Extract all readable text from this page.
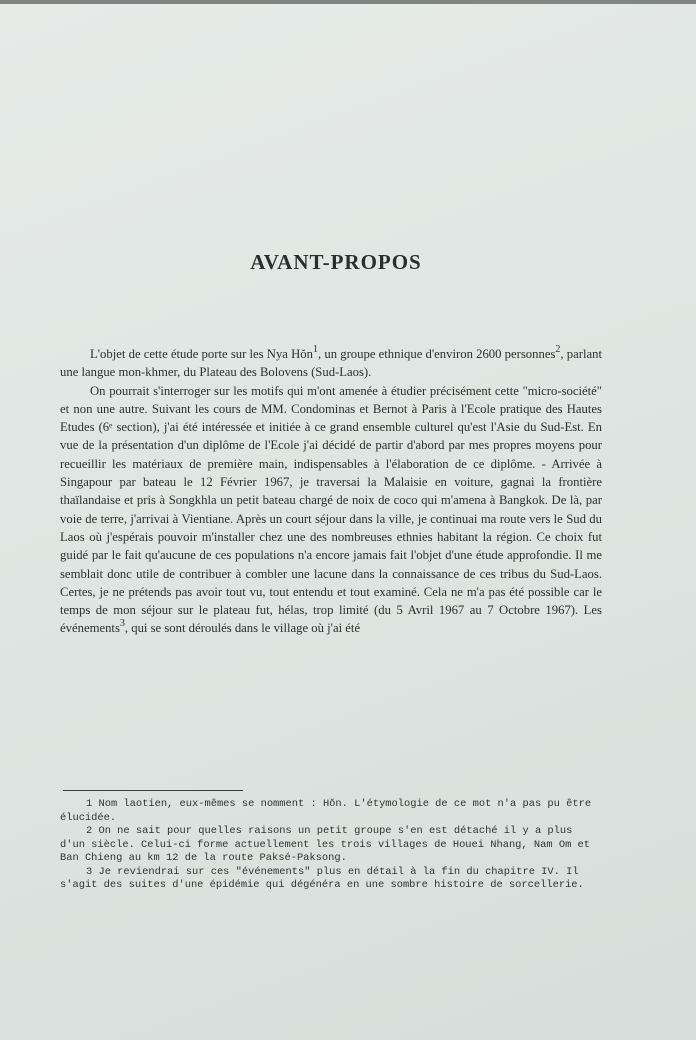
AVANT-PROPOS

L'objet de cette étude porte sur les Nya Hŏn$^1$, un groupe ethnique d'environ 2600 personnes$^2$, parlant une langue mon-khmer, du Plateau des Bolovens (Sud-Laos).

On pourrait s'interroger sur les motifs qui m'ont amenée à étudier précisément cette "micro-société" et non une autre. Suivant les cours de MM. Condominas et Bernot à Paris à l'Ecole pratique des Hautes Etudes (6ᵉ section), j'ai été intéressée et initiée à ce grand ensemble culturel qu'est l'Asie du Sud-Est. En vue de la présentation d'un diplôme de l'Ecole j'ai décidé de partir d'abord par mes propres moyens pour recueillir les matériaux de première main, indispensables à l'élaboration de ce diplôme. - Arrivée à Singapour par bateau le 12 Février 1967, je traversai la Malaisie en voiture, gagnai la frontière thaïlandaise et pris à Songkhla un petit bateau chargé de noix de coco qui m'amena à Bangkok. De là, par voie de terre, j'arrivai à Vientiane. Après un court séjour dans la ville, je continuai ma route vers le Sud du Laos où j'espérais pouvoir m'installer chez une des nombreuses ethnies habitant la région. Ce choix fut guidé par le fait qu'aucune de ces populations n'a encore jamais fait l'objet d'une étude approfondie. Il me semblait donc utile de contribuer à combler une lacune dans la connaissance de ces tribus du Sud-Laos. Certes, je ne prétends pas avoir tout vu, tout entendu et tout examiné. Cela ne m'a pas été possible car le temps de mon séjour sur le plateau fut, hélas, trop limité (du 5 Avril 1967 au 7 Octobre 1967). Les événements$^3$, qui se sont déroulés dans le village où j'ai été

1 Nom laotien, eux-mêmes se nomment : Hŏn. L'étymologie de ce mot n'a pas pu être élucidée.

2 On ne sait pour quelles raisons un petit groupe s'en est détaché il y a plus d'un siècle. Celui-ci forme actuellement les trois villages de Houei Nhang, Nam Om et Ban Chieng au km 12 de la route Paksé-Paksong.

3 Je reviendrai sur ces "événements" plus en détail à la fin du chapitre IV. Il s'agit des suites d'une épidémie qui dégénéra en une sombre histoire de sorcellerie.
